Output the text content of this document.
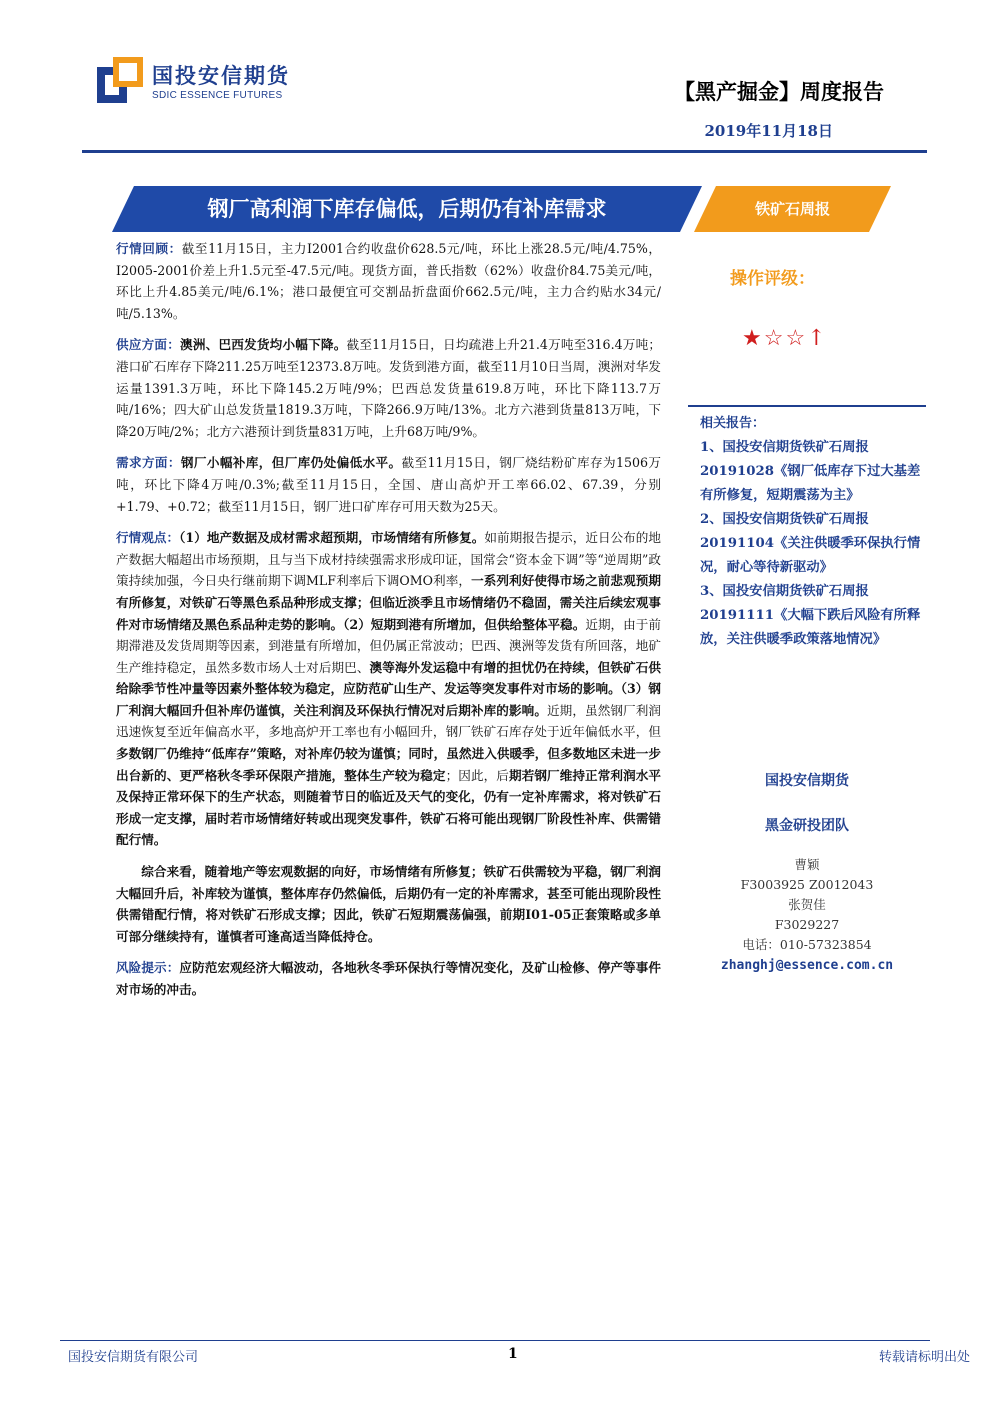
国投安信期货
SDIC ESSENCE FUTURES	【黑产掘金】周度报告
2019年11月18日
钢厂高利润下库存偏低，后期仍有补库需求	铁矿石周报

行情回顾：截至11月15日，主力I2001合约收盘价628.5元/吨，环比上涨28.5元/吨/4.75%，I2005-2001价差上升1.5元至-47.5元/吨。现货方面，普氏指数（62%）收盘价84.75美元/吨，环比上升4.85美元/吨/6.1%；港口最便宜可交割品折盘面价662.5元/吨，主力合约贴水34元/吨/5.13%。

供应方面：澳洲、巴西发货均小幅下降。截至11月15日，日均疏港上升21.4万吨至316.4万吨；港口矿石库存下降211.25万吨至12373.8万吨。发货到港方面，截至11月10日当周，澳洲对华发运量1391.3万吨，环比下降145.2万吨/9%；巴西总发货量619.8万吨，环比下降113.7万吨/16%；四大矿山总发货量1819.3万吨，下降266.9万吨/13%。北方六港到货量813万吨，下降20万吨/2%；北方六港预计到货量831万吨，上升68万吨/9%。

需求方面：钢厂小幅补库，但厂库仍处偏低水平。截至11月15日，钢厂烧结粉矿库存为1506万吨，环比下降4万吨/0.3%;截至11月15日，全国、唐山高炉开工率66.02、67.39，分别+1.79、+0.72；截至11月15日，钢厂进口矿库存可用天数为25天。

行情观点：（1）地产数据及成材需求超预期，市场情绪有所修复。如前期报告提示，近日公布的地产数据大幅超出市场预期，且与当下成材持续强需求形成印证，国常会“资本金下调”等“逆周期”政策持续加强，今日央行继前期下调MLF利率后下调OMO利率，一系列利好使得市场之前悲观预期有所修复，对铁矿石等黑色系品种形成支撑；但临近淡季且市场情绪仍不稳固，需关注后续宏观事件对市场情绪及黑色系品种走势的影响。（2）短期到港有所增加，但供给整体平稳。近期，由于前期滞港及发货周期等因素，到港量有所增加，但仍属正常波动；巴西、澳洲等发货有所回落，地矿生产维持稳定，虽然多数市场人士对后期巴、澳等海外发运稳中有增的担忧仍在持续，但铁矿石供给除季节性冲量等因素外整体较为稳定，应防范矿山生产、发运等突发事件对市场的影响。（3）钢厂利润大幅回升但补库仍谨慎，关注利润及环保执行情况对后期补库的影响。近期，虽然钢厂利润迅速恢复至近年偏高水平，多地高炉开工率也有小幅回升，钢厂铁矿石库存处于近年偏低水平，但多数钢厂仍维持“低库存”策略，对补库仍较为谨慎；同时，虽然进入供暖季，但多数地区未进一步出台新的、更严格秋冬季环保限产措施，整体生产较为稳定；因此，后期若钢厂维持正常利润水平及保持正常环保下的生产状态，则随着节日的临近及天气的变化，仍有一定补库需求，将对铁矿石形成一定支撑，届时若市场情绪好转或出现突发事件，铁矿石将可能出现钢厂阶段性补库、供需错配行情。

综合来看，随着地产等宏观数据的向好，市场情绪有所修复；铁矿石供需较为平稳，钢厂利润大幅回升后，补库较为谨慎，整体库存仍然偏低，后期仍有一定的补库需求，甚至可能出现阶段性供需错配行情，将对铁矿石形成支撑；因此，铁矿石短期震荡偏强，前期I01-05正套策略或多单可部分继续持有，谨慎者可逢高适当降低持仓。

风险提示：应防范宏观经济大幅波动，各地秋冬季环保执行等情况变化，及矿山检修、停产等事件对市场的冲击。

操作评级：
★☆☆↑
相关报告：

1、国投安信期货铁矿石周报20191028《钢厂低库存下过大基差有所修复，短期震荡为主》

2、国投安信期货铁矿石周报20191104《关注供暖季环保执行情况，耐心等待新驱动》

3、国投安信期货铁矿石周报20191111《大幅下跌后风险有所释放，关注供暖季政策落地情况》

国投安信期货
黑金研投团队
曹颖
F3003925 Z0012043
张贺佳
F3029227
电话：010-57323854
zhanghj@essence.com.cn
国投安信期货有限公司	1	转载请标明出处
